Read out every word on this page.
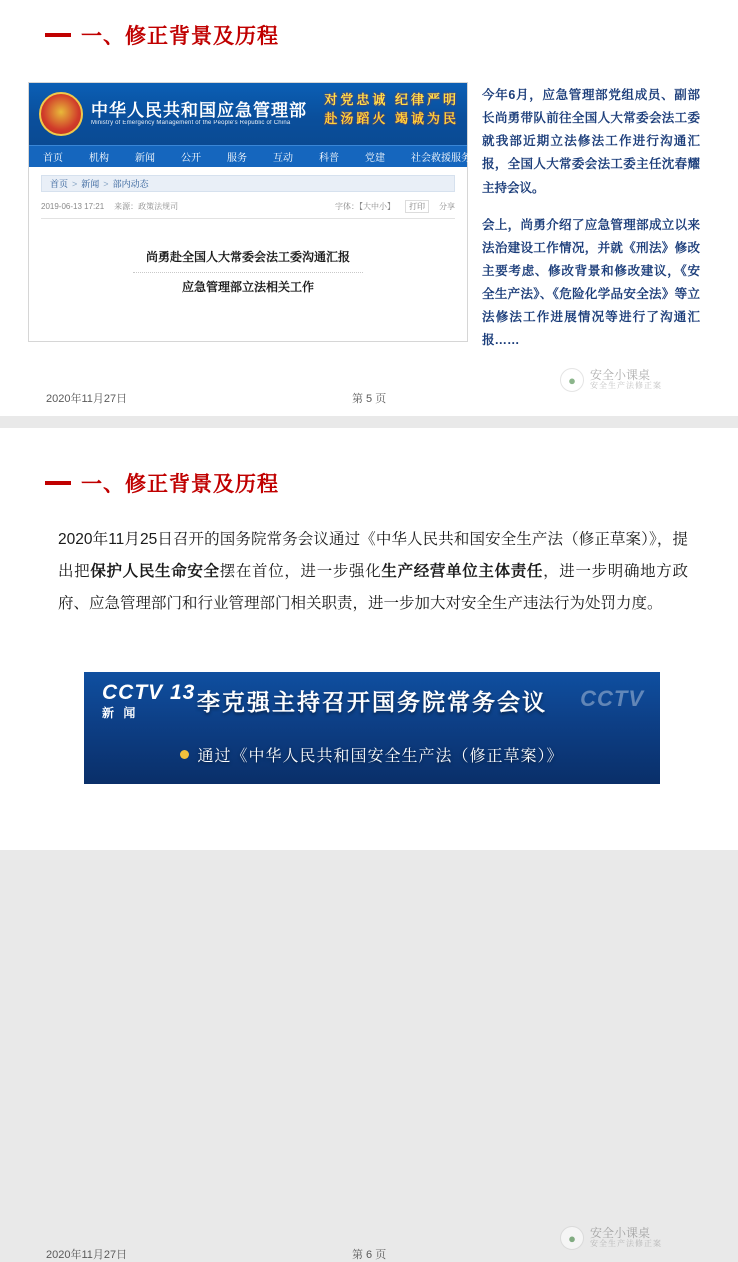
一、修正背景及历程
中华人民共和国应急管理部
Ministry of Emergency Management of the People's Republic of China
对党忠诚 纪律严明
赴汤蹈火 竭诚为民
首页	机构	新闻	公开	服务	互动	科普	党建	社会救援服务
首页 > 新闻 > 部内动态
2019-06-13 17:21 来源：政策法规司	字体：【大中小】	打印	分享
尚勇赴全国人大常委会法工委沟通汇报
应急管理部立法相关工作

今年6月，应急管理部党组成员、副部长尚勇带队前往全国人大常委会法工委就我部近期立法修法工作进行沟通汇报，全国人大常委会法工委主任沈春耀主持会议。

会上，尚勇介绍了应急管理部成立以来法治建设工作情况，并就《刑法》修改主要考虑、修改背景和修改建议，《安全生产法》、《危险化学品安全法》等立法修法工作进展情况等进行了沟通汇报……

2020年11月27日	第 5 页
●	安全小课桌
安全生产法修正案
一、修正背景及历程
2020年11月25日召开的国务院常务会议通过《中华人民共和国安全生产法（修正草案）》，提出把保护人民生命安全摆在首位，进一步强化生产经营单位主体责任，进一步明确地方政府、应急管理部门和行业管理部门相关职责，进一步加大对安全生产违法行为处罚力度。
CCTV 13
新 闻
CCTV
李克强主持召开国务院常务会议
通过《中华人民共和国安全生产法（修正草案）》
2020年11月27日	第 6 页
●	安全小课桌
安全生产法修正案
